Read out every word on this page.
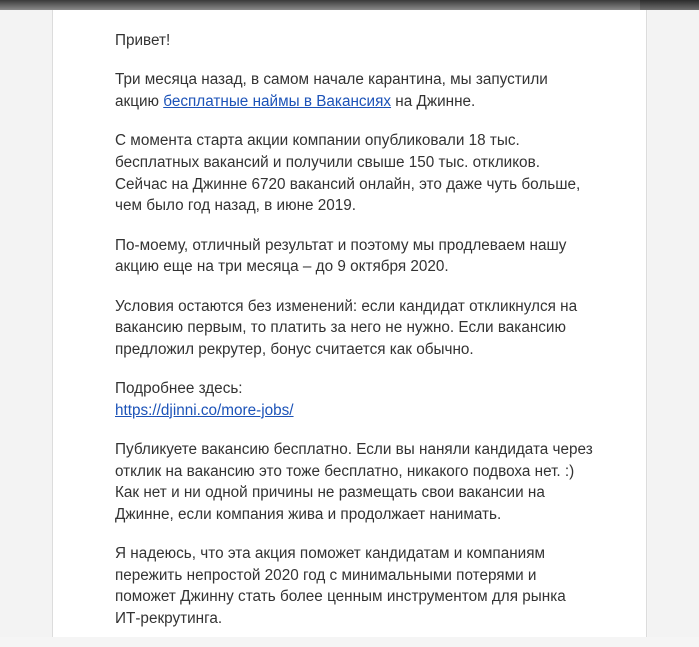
Привет!

Три месяца назад, в самом начале карантина, мы запустили акцию бесплатные наймы в Вакансиях на Джинне.

С момента старта акции компании опубликовали 18 тыс. бесплатных вакансий и получили свыше 150 тыс. откликов. Сейчас на Джинне 6720 вакансий онлайн, это даже чуть больше, чем было год назад, в июне 2019.

По-моему, отличный результат и поэтому мы продлеваем нашу акцию еще на три месяца – до 9 октября 2020.

Условия остаются без изменений: если кандидат откликнулся на вакансию первым, то платить за него не нужно. Если вакансию предложил рекрутер, бонус считается как обычно.

Подробнее здесь:
https://djinni.co/more-jobs/

Публикуете вакансию бесплатно. Если вы наняли кандидата через отклик на вакансию это тоже бесплатно, никакого подвоха нет. :) Как нет и ни одной причины не размещать свои вакансии на Джинне, если компания жива и продолжает нанимать.

Я надеюсь, что эта акция поможет кандидатам и компаниям пережить непростой 2020 год с минимальными потерями и поможет Джинну стать более ценным инструментом для рынка ИТ-рекрутинга.
